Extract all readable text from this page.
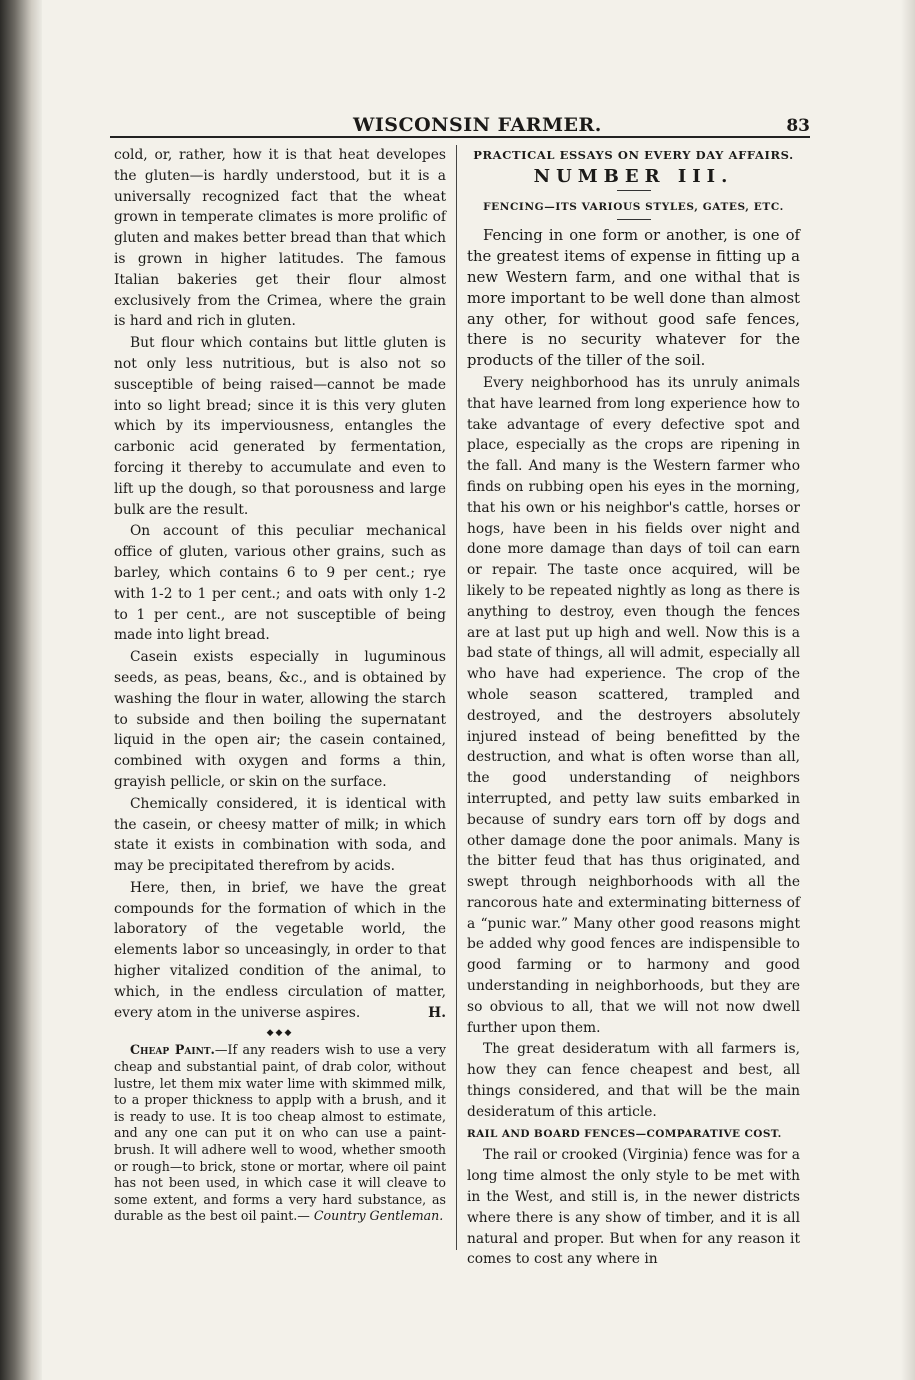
WISCONSIN FARMER.	83

cold, or, rather, how it is that heat developes the gluten—is hardly understood, but it is a universally recognized fact that the wheat grown in temperate climates is more prolific of gluten and makes better bread than that which is grown in higher latitudes. The famous Italian bakeries get their flour almost exclusively from the Crimea, where the grain is hard and rich in gluten.

But flour which contains but little gluten is not only less nutritious, but is also not so susceptible of being raised—cannot be made into so light bread; since it is this very gluten which by its imperviousness, entangles the carbonic acid generated by fermentation, forcing it thereby to accumulate and even to lift up the dough, so that porousness and large bulk are the result.

On account of this peculiar mechanical office of gluten, various other grains, such as barley, which contains 6 to 9 per cent.; rye with 1-2 to 1 per cent.; and oats with only 1-2 to 1 per cent., are not susceptible of being made into light bread.

Casein exists especially in luguminous seeds, as peas, beans, &c., and is obtained by washing the flour in water, allowing the starch to subside and then boiling the supernatant liquid in the open air; the casein contained, combined with oxygen and forms a thin, grayish pellicle, or skin on the surface.

Chemically considered, it is identical with the casein, or cheesy matter of milk; in which state it exists in combination with soda, and may be precipitated therefrom by acids.

Here, then, in brief, we have the great compounds for the formation of which in the laboratory of the vegetable world, the elements labor so unceasingly, in order to that higher vitalized condition of the animal, to which, in the endless circulation of matter, every atom in the universe aspires.	H.

◆◆◆

Cheap Paint.—If any readers wish to use a very cheap and substantial paint, of drab color, without lustre, let them mix water lime with skimmed milk, to a proper thickness to applp with a brush, and it is ready to use. It is too cheap almost to estimate, and any one can put it on who can use a paint-brush. It will adhere well to wood, whether smooth or rough—to brick, stone or mortar, where oil paint has not been used, in which case it will cleave to some extent, and forms a very hard substance, as durable as the best oil paint.— Country Gentleman.

PRACTICAL ESSAYS ON EVERY DAY AFFAIRS.

NUMBER III.

FENCING—ITS VARIOUS STYLES, GATES, ETC.

Fencing in one form or another, is one of the greatest items of expense in fitting up a new Western farm, and one withal that is more important to be well done than almost any other, for without good safe fences, there is no security whatever for the products of the tiller of the soil.

Every neighborhood has its unruly animals that have learned from long experience how to take advantage of every defective spot and place, especially as the crops are ripening in the fall. And many is the Western farmer who finds on rubbing open his eyes in the morning, that his own or his neighbor's cattle, horses or hogs, have been in his fields over night and done more damage than days of toil can earn or repair. The taste once acquired, will be likely to be repeated nightly as long as there is anything to destroy, even though the fences are at last put up high and well. Now this is a bad state of things, all will admit, especially all who have had experience. The crop of the whole season scattered, trampled and destroyed, and the destroyers absolutely injured instead of being benefitted by the destruction, and what is often worse than all, the good understanding of neighbors interrupted, and petty law suits embarked in because of sundry ears torn off by dogs and other damage done the poor animals. Many is the bitter feud that has thus originated, and swept through neighborhoods with all the rancorous hate and exterminating bitterness of a “punic war.” Many other good reasons might be added why good fences are indispensible to good farming or to harmony and good understanding in neighborhoods, but they are so obvious to all, that we will not now dwell further upon them.

The great desideratum with all farmers is, how they can fence cheapest and best, all things considered, and that will be the main desideratum of this article.

RAIL AND BOARD FENCES—COMPARATIVE COST.

The rail or crooked (Virginia) fence was for a long time almost the only style to be met with in the West, and still is, in the newer districts where there is any show of timber, and it is all natural and proper. But when for any reason it comes to cost any where in
